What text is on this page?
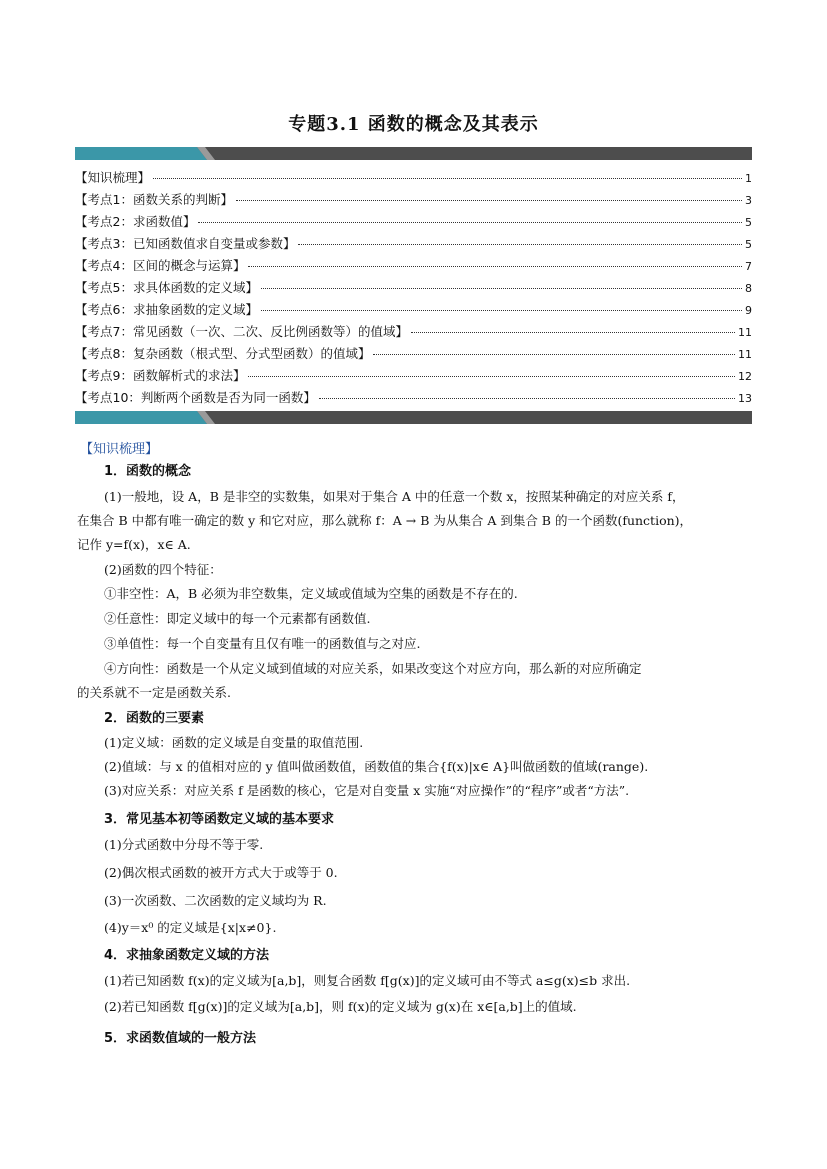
专题3.1 函数的概念及其表示
【知识梳理】	1
【考点1：函数关系的判断】	3
【考点2：求函数值】	5
【考点3：已知函数值求自变量或参数】	5
【考点4：区间的概念与运算】	7
【考点5：求具体函数的定义域】	8
【考点6：求抽象函数的定义域】	9
【考点7：常见函数（一次、二次、反比例函数等）的值域】	11
【考点8：复杂函数（根式型、分式型函数）的值域】	11
【考点9：函数解析式的求法】	12
【考点10：判断两个函数是否为同一函数】	13
【知识梳理】
1．函数的概念
(1)一般地，设 A，B 是非空的实数集，如果对于集合 A 中的任意一个数 x，按照某种确定的对应关系 f，
在集合 B 中都有唯一确定的数 y 和它对应，那么就称 f：A → B 为从集合 A 到集合 B 的一个函数(function)，
记作 y=f(x)，x∈ A.
(2)函数的四个特征：
①非空性：A，B 必须为非空数集，定义域或值域为空集的函数是不存在的.
②任意性：即定义域中的每一个元素都有函数值.
③单值性：每一个自变量有且仅有唯一的函数值与之对应.
④方向性：函数是一个从定义域到值域的对应关系，如果改变这个对应方向，那么新的对应所确定
的关系就不一定是函数关系.
2．函数的三要素
(1)定义域：函数的定义域是自变量的取值范围.
(2)值域：与 x 的值相对应的 y 值叫做函数值，函数值的集合{f(x)|x∈ A}叫做函数的值域(range).
(3)对应关系：对应关系 f 是函数的核心，它是对自变量 x 实施“对应操作”的“程序”或者“方法”.
3．常见基本初等函数定义域的基本要求
(1)分式函数中分母不等于零.
(2)偶次根式函数的被开方式大于或等于 0.
(3)一次函数、二次函数的定义域均为 R.
(4)y＝x⁰ 的定义域是{x|x≠0}.
4．求抽象函数定义域的方法
(1)若已知函数 f(x)的定义域为[a,b]，则复合函数 f[g(x)]的定义域可由不等式 a≤g(x)≤b 求出.
(2)若已知函数 f[g(x)]的定义域为[a,b]，则 f(x)的定义域为 g(x)在 x∈[a,b]上的值域.
5．求函数值域的一般方法
